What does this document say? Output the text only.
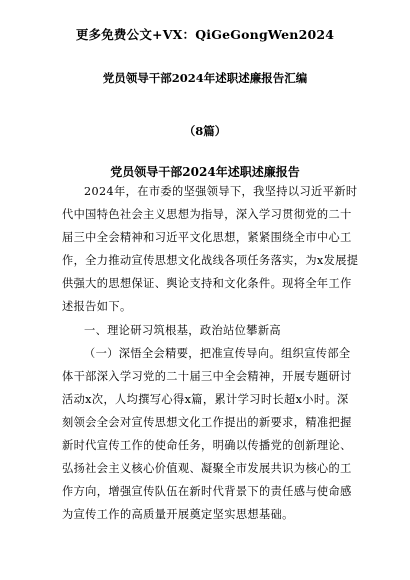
更多免费公文+VX：QiGeGongWen2024
党员领导干部2024年述职述廉报告汇编
（8篇）
党员领导干部2024年述职述廉报告
2024年，在市委的坚强领导下，我坚持以习近平新时
代中国特色社会主义思想为指导，深入学习贯彻党的二十
届三中全会精神和习近平文化思想，紧紧围绕全市中心工
作，全力推动宣传思想文化战线各项任务落实，为x发展提
供强大的思想保证、舆论支持和文化条件。现将全年工作
述报告如下。
一、理论研习筑根基，政治站位攀新高
（一）深悟全会精要，把准宣传导向。组织宣传部全
体干部深入学习党的二十届三中全会精神，开展专题研讨
活动x次，人均撰写心得x篇，累计学习时长超x小时。深
刻领会全会对宣传思想文化工作提出的新要求，精准把握
新时代宣传工作的使命任务，明确以传播党的创新理论、
弘扬社会主义核心价值观、凝聚全市发展共识为核心的工
作方向，增强宣传队伍在新时代背景下的责任感与使命感
为宣传工作的高质量开展奠定坚实思想基础。
